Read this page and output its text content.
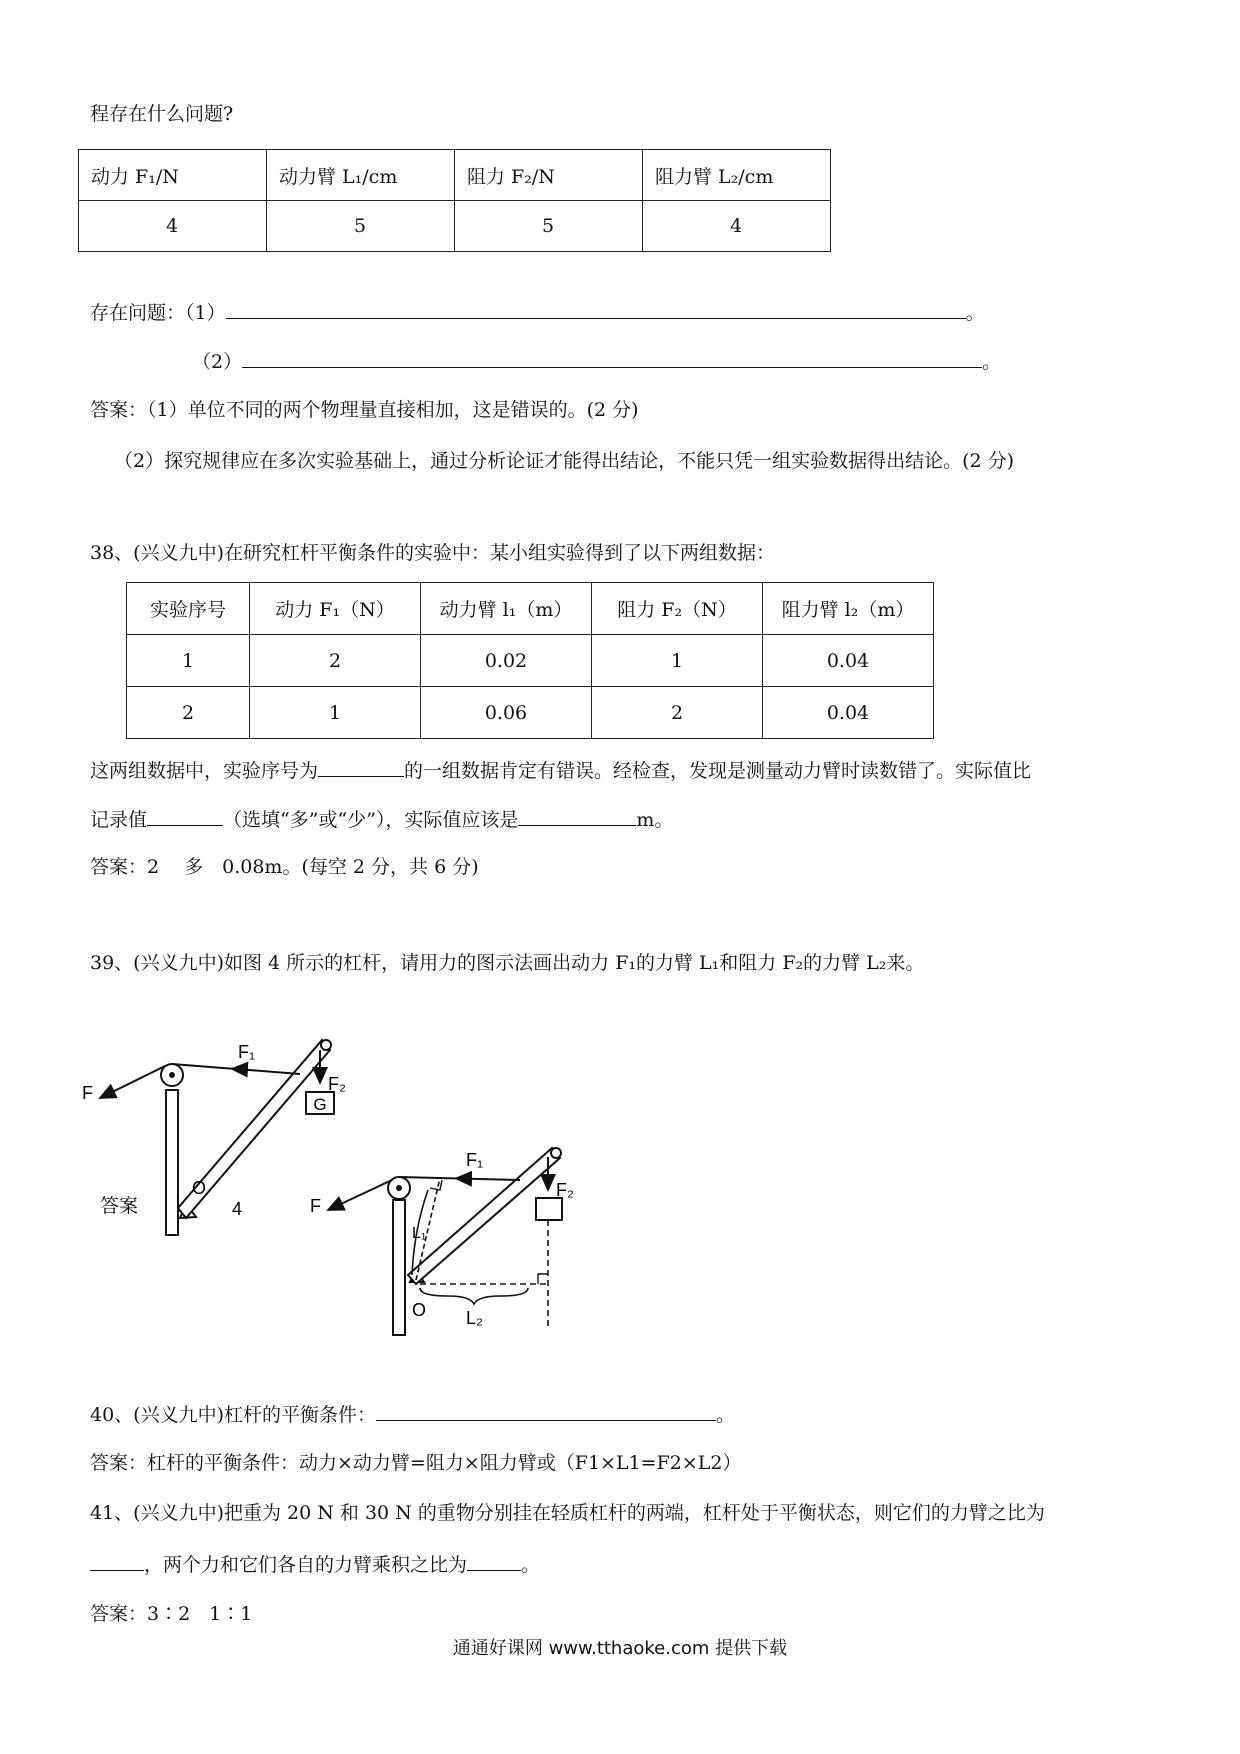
程存在什么问题?
动力 F₁/N	动力臂 L₁/cm	阻力 F₂/N	阻力臂 L₂/cm
4	5	5	4
存在问题：（1）	。
（2）	。
答案：（1）单位不同的两个物理量直接相加，这是错误的。(2 分)
（2）探究规律应在多次实验基础上，通过分析论证才能得出结论，不能只凭一组实验数据得出结论。(2 分)
38、(兴义九中)在研究杠杆平衡条件的实验中：某小组实验得到了以下两组数据：
实验序号	动力 F₁（N）	动力臂 l₁（m）	阻力 F₂（N）	阻力臂 l₂（m）
1	2	0.02	1	0.04
2	1	0.06	2	0.04
这两组数据中，实验序号为	的一组数据肯定有错误。经检查，发现是测量动力臂时读数错了。实际值比
记录值	（选填“多”或“少”），实际值应该是	m。
答案：2　 多　0.08m。(每空 2 分，共 6 分)
39、(兴义九中)如图 4 所示的杠杆，请用力的图示法画出动力 F₁的力臂 L₁和阻力 F₂的力臂 L₂来。
G
F
F₁
F₂
O
4
答案	F
F₁
F₂
O
L₁
L₂
40、(兴义九中)杠杆的平衡条件：	。
答案：杠杆的平衡条件：动力×动力臂=阻力×阻力臂或（F1×L1=F2×L2）
41、(兴义九中)把重为 20 N 和 30 N 的重物分别挂在轻质杠杆的两端，杠杆处于平衡状态，则它们的力臂之比为
，两个力和它们各自的力臂乘积之比为	。
答案：3∶2　1∶1
通通好课网 www.tthaoke.com 提供下载
